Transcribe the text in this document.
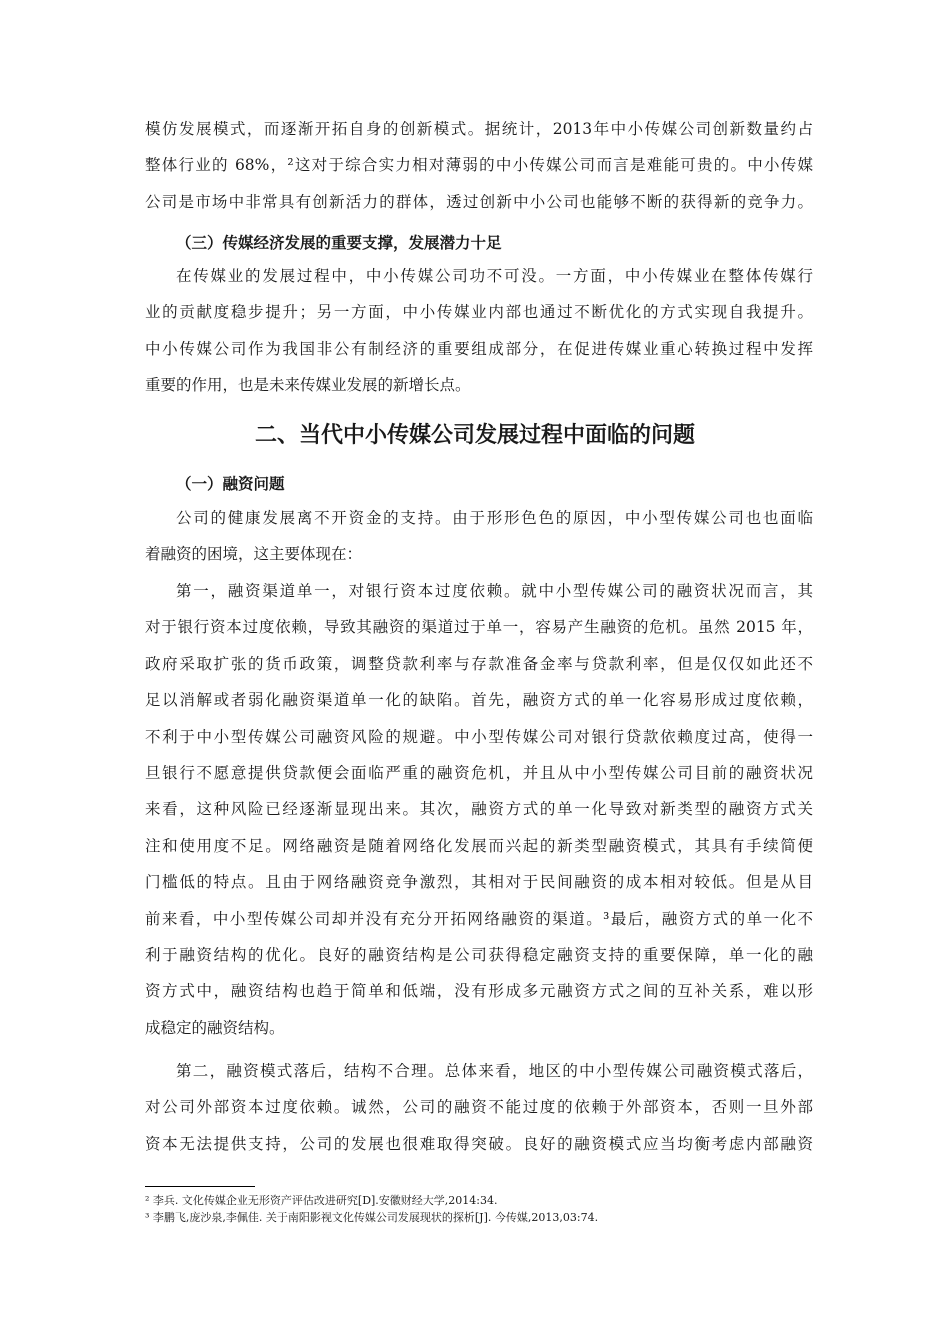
模仿发展模式，而逐渐开拓自身的创新模式。据统计，2013年中小传媒公司创新数量约占
整体行业的 68%，²这对于综合实力相对薄弱的中小传媒公司而言是难能可贵的。中小传媒
公司是市场中非常具有创新活力的群体，透过创新中小公司也能够不断的获得新的竞争力。

（三）传媒经济发展的重要支撑，发展潜力十足

在传媒业的发展过程中，中小传媒公司功不可没。一方面，中小传媒业在整体传媒行
业的贡献度稳步提升；另一方面，中小传媒业内部也通过不断优化的方式实现自我提升。
中小传媒公司作为我国非公有制经济的重要组成部分，在促进传媒业重心转换过程中发挥
重要的作用，也是未来传媒业发展的新增长点。
二、当代中小传媒公司发展过程中面临的问题

（一）融资问题

公司的健康发展离不开资金的支持。由于形形色色的原因，中小型传媒公司也也面临
着融资的困境，这主要体现在：
第一，融资渠道单一，对银行资本过度依赖。就中小型传媒公司的融资状况而言，其
对于银行资本过度依赖，导致其融资的渠道过于单一，容易产生融资的危机。虽然 2015 年，
政府采取扩张的货币政策，调整贷款利率与存款准备金率与贷款利率，但是仅仅如此还不
足以消解或者弱化融资渠道单一化的缺陷。首先，融资方式的单一化容易形成过度依赖，
不利于中小型传媒公司融资风险的规避。中小型传媒公司对银行贷款依赖度过高，使得一
旦银行不愿意提供贷款便会面临严重的融资危机，并且从中小型传媒公司目前的融资状况
来看，这种风险已经逐渐显现出来。其次，融资方式的单一化导致对新类型的融资方式关
注和使用度不足。网络融资是随着网络化发展而兴起的新类型融资模式，其具有手续简便
门槛低的特点。且由于网络融资竞争激烈，其相对于民间融资的成本相对较低。但是从目
前来看，中小型传媒公司却并没有充分开拓网络融资的渠道。³最后，融资方式的单一化不
利于融资结构的优化。良好的融资结构是公司获得稳定融资支持的重要保障，单一化的融
资方式中，融资结构也趋于简单和低端，没有形成多元融资方式之间的互补关系，难以形
成稳定的融资结构。
第二，融资模式落后，结构不合理。总体来看，地区的中小型传媒公司融资模式落后，
对公司外部资本过度依赖。诚然，公司的融资不能过度的依赖于外部资本，否则一旦外部
资本无法提供支持，公司的发展也很难取得突破。良好的融资模式应当均衡考虑内部融资

² 李兵. 文化传媒企业无形资产评估改进研究[D].安徽财经大学,2014:34.

³ 李鹏飞,庞沙泉,李佩佳. 关于南阳影视文化传媒公司发展现状的探析[J]. 今传媒,2013,03:74.
